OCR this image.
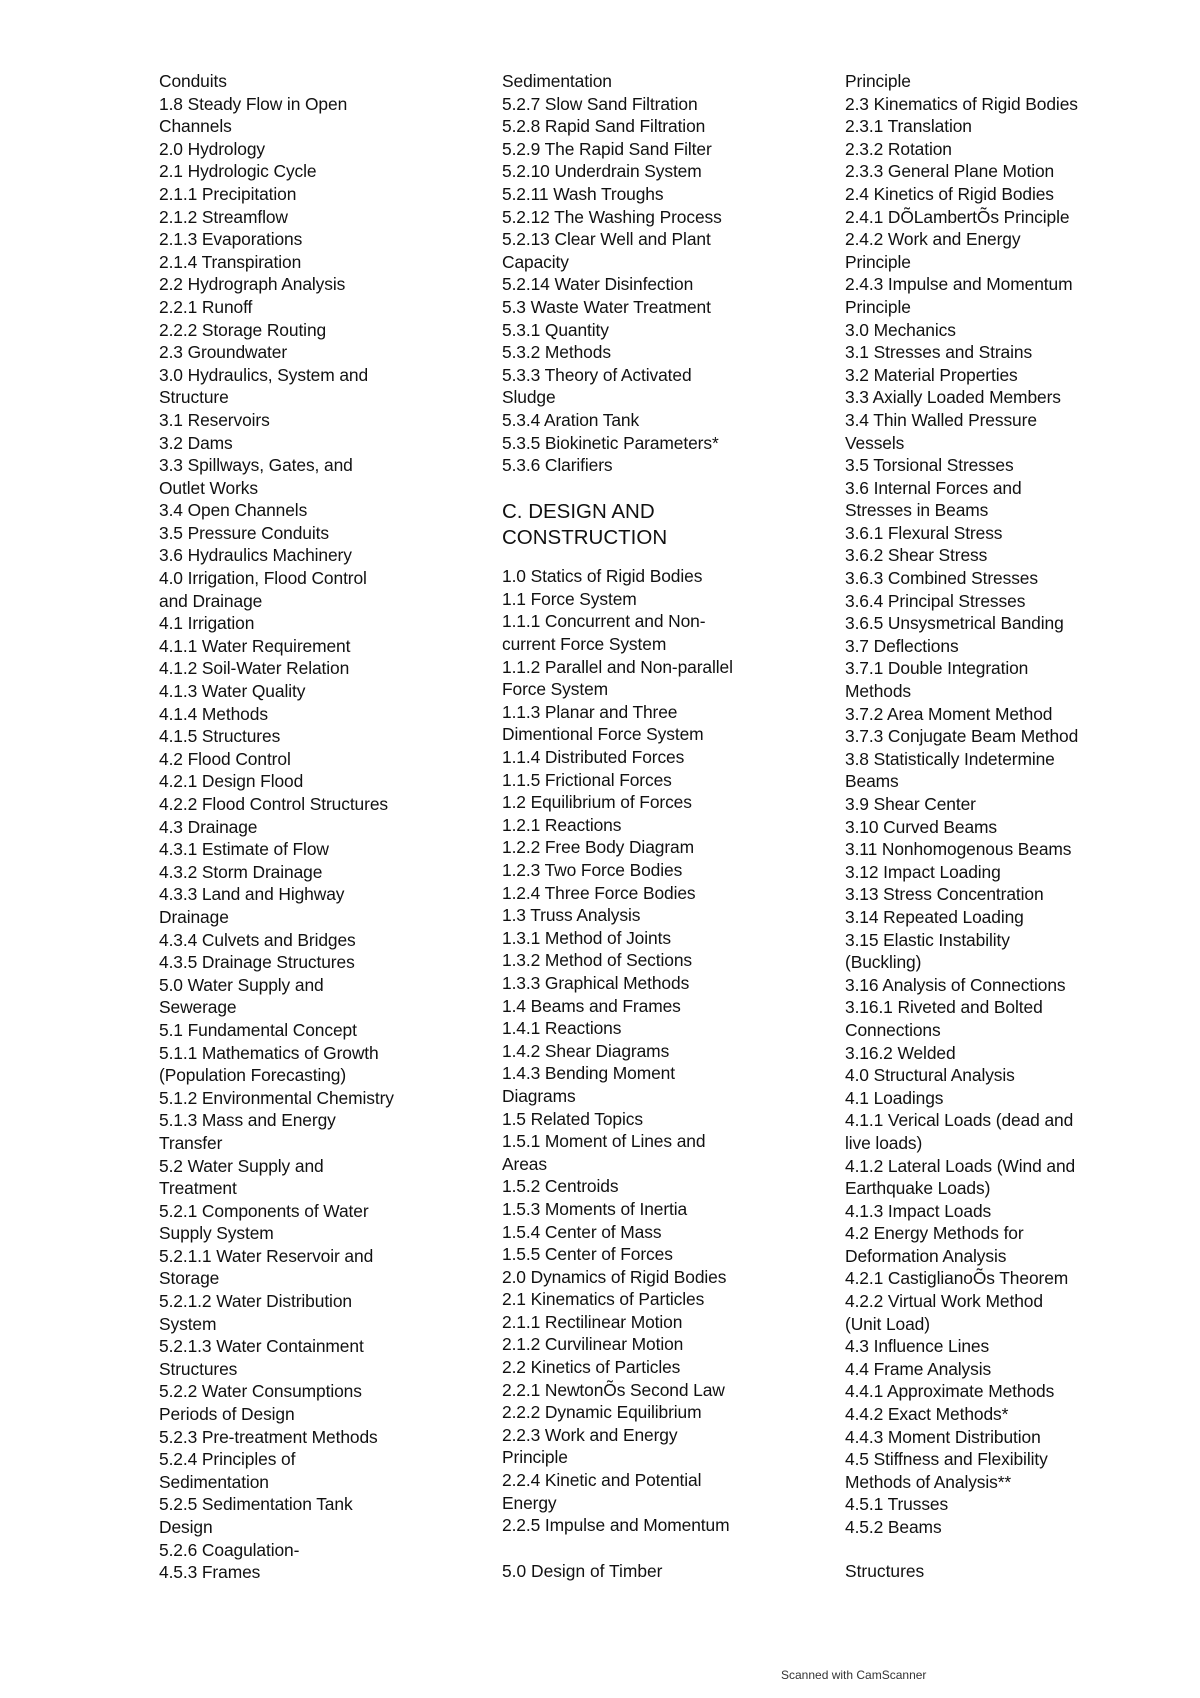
Conduits
1.8 Steady Flow in Open
Channels
2.0 Hydrology
2.1 Hydrologic Cycle
2.1.1 Precipitation
2.1.2 Streamflow
2.1.3 Evaporations
2.1.4 Transpiration
2.2 Hydrograph Analysis
2.2.1 Runoff
2.2.2 Storage Routing
2.3 Groundwater
3.0 Hydraulics, System and
Structure
3.1 Reservoirs
3.2 Dams
3.3 Spillways, Gates, and
Outlet Works
3.4 Open Channels
3.5 Pressure Conduits
3.6 Hydraulics Machinery
4.0 Irrigation, Flood Control
and Drainage
4.1 Irrigation
4.1.1 Water Requirement
4.1.2 Soil-Water Relation
4.1.3 Water Quality
4.1.4 Methods
4.1.5 Structures
4.2 Flood Control
4.2.1 Design Flood
4.2.2 Flood Control Structures
4.3 Drainage
4.3.1 Estimate of Flow
4.3.2 Storm Drainage
4.3.3 Land and Highway
Drainage
4.3.4 Culvets and Bridges
4.3.5 Drainage Structures
5.0 Water Supply and
Sewerage
5.1 Fundamental Concept
5.1.1 Mathematics of Growth
(Population Forecasting)
5.1.2 Environmental Chemistry
5.1.3 Mass and Energy
Transfer
5.2 Water Supply and
Treatment
5.2.1 Components of Water
Supply System
5.2.1.1 Water Reservoir and
Storage
5.2.1.2 Water Distribution
System
5.2.1.3 Water Containment
Structures
5.2.2 Water Consumptions
Periods of Design
5.2.3 Pre-treatment Methods
5.2.4 Principles of
Sedimentation
5.2.5 Sedimentation Tank
Design
5.2.6 Coagulation-
4.5.3 Frames
Sedimentation
5.2.7 Slow Sand Filtration
5.2.8 Rapid Sand Filtration
5.2.9 The Rapid Sand Filter
5.2.10 Underdrain System
5.2.11 Wash Troughs
5.2.12 The Washing Process
5.2.13 Clear Well and Plant
Capacity
5.2.14 Water Disinfection
5.3 Waste Water Treatment
5.3.1 Quantity
5.3.2 Methods
5.3.3 Theory of Activated
Sludge
5.3.4 Aration Tank
5.3.5 Biokinetic Parameters*
5.3.6 Clarifiers
C. DESIGN AND
CONSTRUCTION
1.0 Statics of Rigid Bodies
1.1 Force System
1.1.1 Concurrent and Non-
current Force System
1.1.2 Parallel and Non-parallel
Force System
1.1.3 Planar and Three
Dimentional Force System
1.1.4 Distributed Forces
1.1.5 Frictional Forces
1.2 Equilibrium of Forces
1.2.1 Reactions
1.2.2 Free Body Diagram
1.2.3 Two Force Bodies
1.2.4 Three Force Bodies
1.3 Truss Analysis
1.3.1 Method of Joints
1.3.2 Method of Sections
1.3.3 Graphical Methods
1.4 Beams and Frames
1.4.1 Reactions
1.4.2 Shear Diagrams
1.4.3 Bending Moment
Diagrams
1.5 Related Topics
1.5.1 Moment of Lines and
Areas
1.5.2 Centroids
1.5.3 Moments of Inertia
1.5.4 Center of Mass
1.5.5 Center of Forces
2.0 Dynamics of Rigid Bodies
2.1 Kinematics of Particles
2.1.1 Rectilinear Motion
2.1.2 Curvilinear Motion
2.2 Kinetics of Particles
2.2.1 NewtonÕs Second Law
2.2.2 Dynamic Equilibrium
2.2.3 Work and Energy
Principle
2.2.4 Kinetic and Potential
Energy
2.2.5 Impulse and Momentum
Principle
2.3 Kinematics of Rigid Bodies
2.3.1 Translation
2.3.2 Rotation
2.3.3 General Plane Motion
2.4 Kinetics of Rigid Bodies
2.4.1 DÕLambertÕs Principle
2.4.2 Work and Energy
Principle
2.4.3 Impulse and Momentum
Principle
3.0 Mechanics
3.1 Stresses and Strains
3.2 Material Properties
3.3 Axially Loaded Members
3.4 Thin Walled Pressure
Vessels
3.5 Torsional Stresses
3.6 Internal Forces and
Stresses in Beams
3.6.1 Flexural Stress
3.6.2 Shear Stress
3.6.3 Combined Stresses
3.6.4 Principal Stresses
3.6.5 Unsysmetrical Banding
3.7 Deflections
3.7.1 Double Integration
Methods
3.7.2 Area Moment Method
3.7.3 Conjugate Beam Method
3.8 Statistically Indetermine
Beams
3.9 Shear Center
3.10 Curved Beams
3.11 Nonhomogenous Beams
3.12 Impact Loading
3.13 Stress Concentration
3.14 Repeated Loading
3.15 Elastic Instability
(Buckling)
3.16 Analysis of Connections
3.16.1 Riveted and Bolted
Connections
3.16.2 Welded
4.0 Structural Analysis
4.1 Loadings
4.1.1 Verical Loads (dead and
live loads)
4.1.2 Lateral Loads (Wind and
Earthquake Loads)
4.1.3 Impact Loads
4.2 Energy Methods for
Deformation Analysis
4.2.1 CastiglianoÕs Theorem
4.2.2 Virtual Work Method
(Unit Load)
4.3 Influence Lines
4.4 Frame Analysis
4.4.1 Approximate Methods
4.4.2 Exact Methods*
4.4.3 Moment Distribution
4.5 Stiffness and Flexibility
Methods of Analysis**
4.5.1 Trusses
4.5.2 Beams
5.0 Design of Timber	Structures
Scanned with CamScanner
